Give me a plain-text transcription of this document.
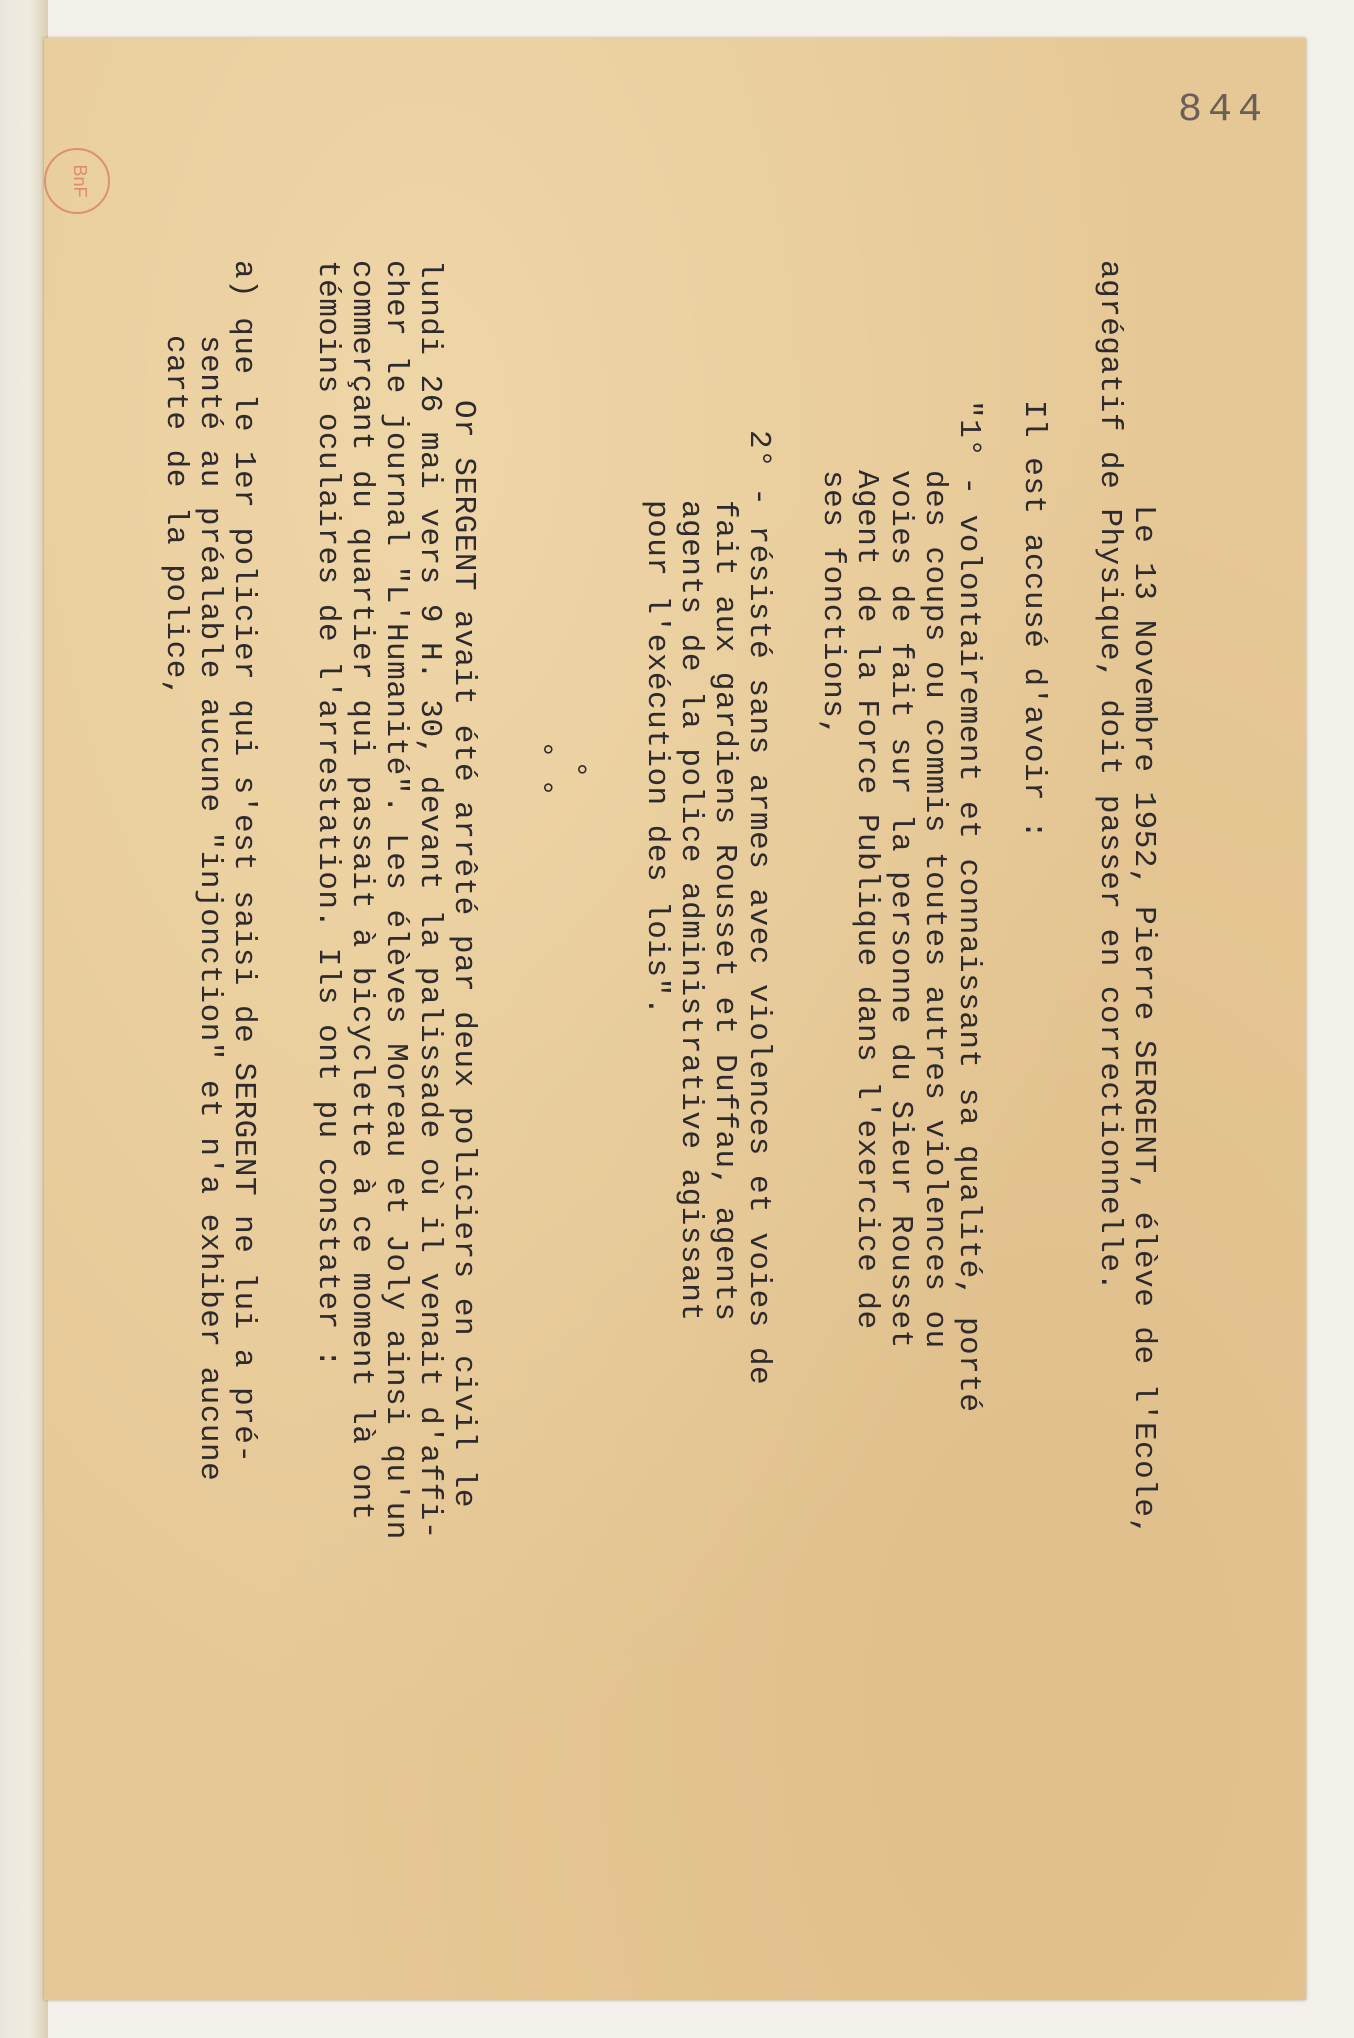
844
BnF

Le 13 Novembre 1952, Pierre SERGENT, élève de l'Ecole,

agrégatif de Physique, doit passer en correctionnelle.

Il est accusé d'avoir :

"1° - volontairement et connaissant sa qualité, porté

des coups ou commis toutes autres violences ou

voies de fait sur la personne du Sieur Rousset

Agent de la Force Publique dans l'exercice de

ses fonctions,

2° - résisté sans armes avec violences et voies de

fait aux gardiens Rousset et Duffau, agents

agents de la police administrative agissant

pour l'exécution des lois".

°

° °

Or SERGENT avait été arrêté par deux policiers en civil le

lundi 26 mai vers 9 H. 30, devant la palissade où il venait d'affi-

cher le journal "L'Humanité". Les élèves Moreau et Joly ainsi qu'un

commerçant du quartier qui passait à bicyclette à ce moment là ont

témoins oculaires de l'arrestation. Ils ont pu constater :

a) que le 1er policier qui s'est saisi de SERGENT ne lui a pré-

senté au préalable aucune "injonction" et n'a exhiber aucune

carte de la police,
